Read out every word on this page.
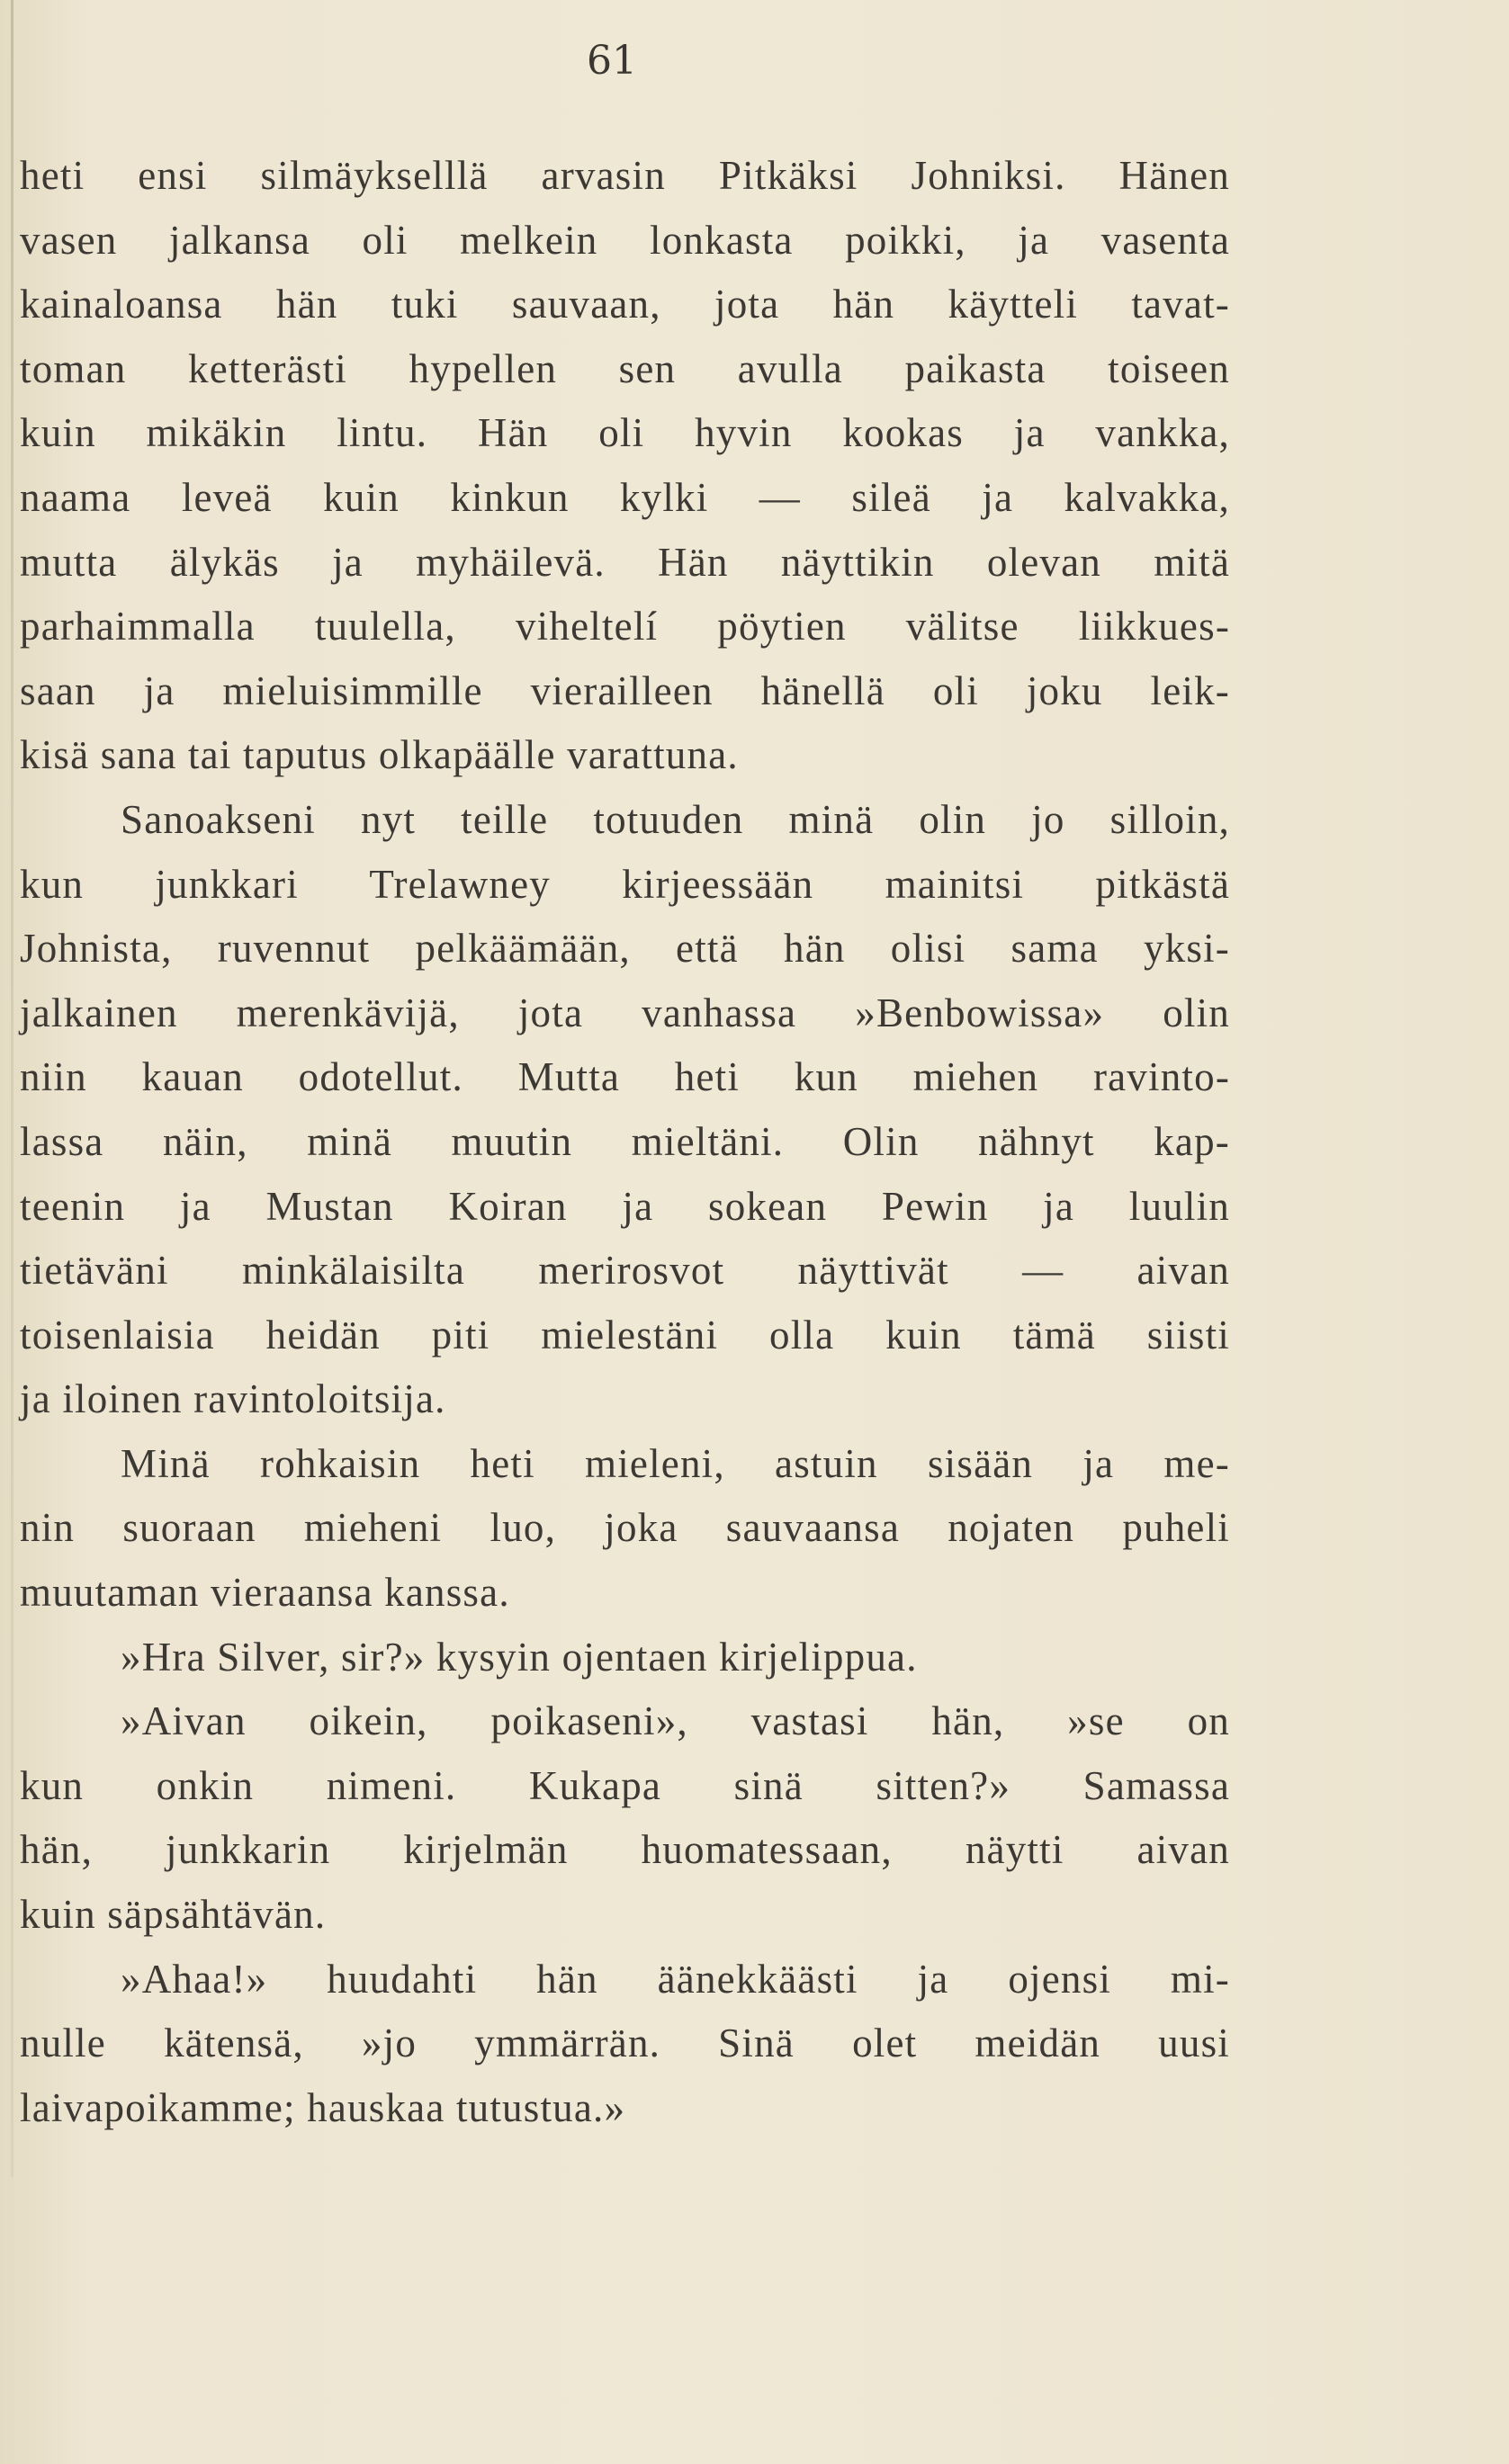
61
heti ensi silmäykselllä arvasin Pitkäksi Johniksi. Hänen
vasen jalkansa oli melkein lonkasta poikki, ja vasenta
kainaloansa hän tuki sauvaan, jota hän käytteli tavat-
toman ketterästi hypellen sen avulla paikasta toiseen
kuin mikäkin lintu. Hän oli hyvin kookas ja vankka,
naama leveä kuin kinkun kylki — sileä ja kalvakka,
mutta älykäs ja myhäilevä. Hän näyttikin olevan mitä
parhaimmalla tuulella, viheltelí pöytien välitse liikkues-
saan ja mieluisimmille vierailleen hänellä oli joku leik-
kisä sana tai taputus olkapäälle varattuna.
Sanoakseni nyt teille totuuden minä olin jo silloin,
kun junkkari Trelawney kirjeessään mainitsi pitkästä
Johnista, ruvennut pelkäämään, että hän olisi sama yksi-
jalkainen merenkävijä, jota vanhassa »Benbowissa» olin
niin kauan odotellut. Mutta heti kun miehen ravinto-
lassa näin, minä muutin mieltäni. Olin nähnyt kap-
teenin ja Mustan Koiran ja sokean Pewin ja luulin
tietäväni minkälaisilta merirosvot näyttivät — aivan
toisenlaisia heidän piti mielestäni olla kuin tämä siisti
ja iloinen ravintoloitsija.
Minä rohkaisin heti mieleni, astuin sisään ja me-
nin suoraan mieheni luo, joka sauvaansa nojaten puheli
muutaman vieraansa kanssa.
»Hra Silver, sir?» kysyin ojentaen kirjelippua.
»Aivan oikein, poikaseni», vastasi hän, »se on
kun onkin nimeni. Kukapa sinä sitten?» Samassa
hän, junkkarin kirjelmän huomatessaan, näytti aivan
kuin säpsähtävän.
»Ahaa!» huudahti hän äänekkäästi ja ojensi mi-
nulle kätensä, »jo ymmärrän. Sinä olet meidän uusi
laivapoikamme; hauskaa tutustua.»
